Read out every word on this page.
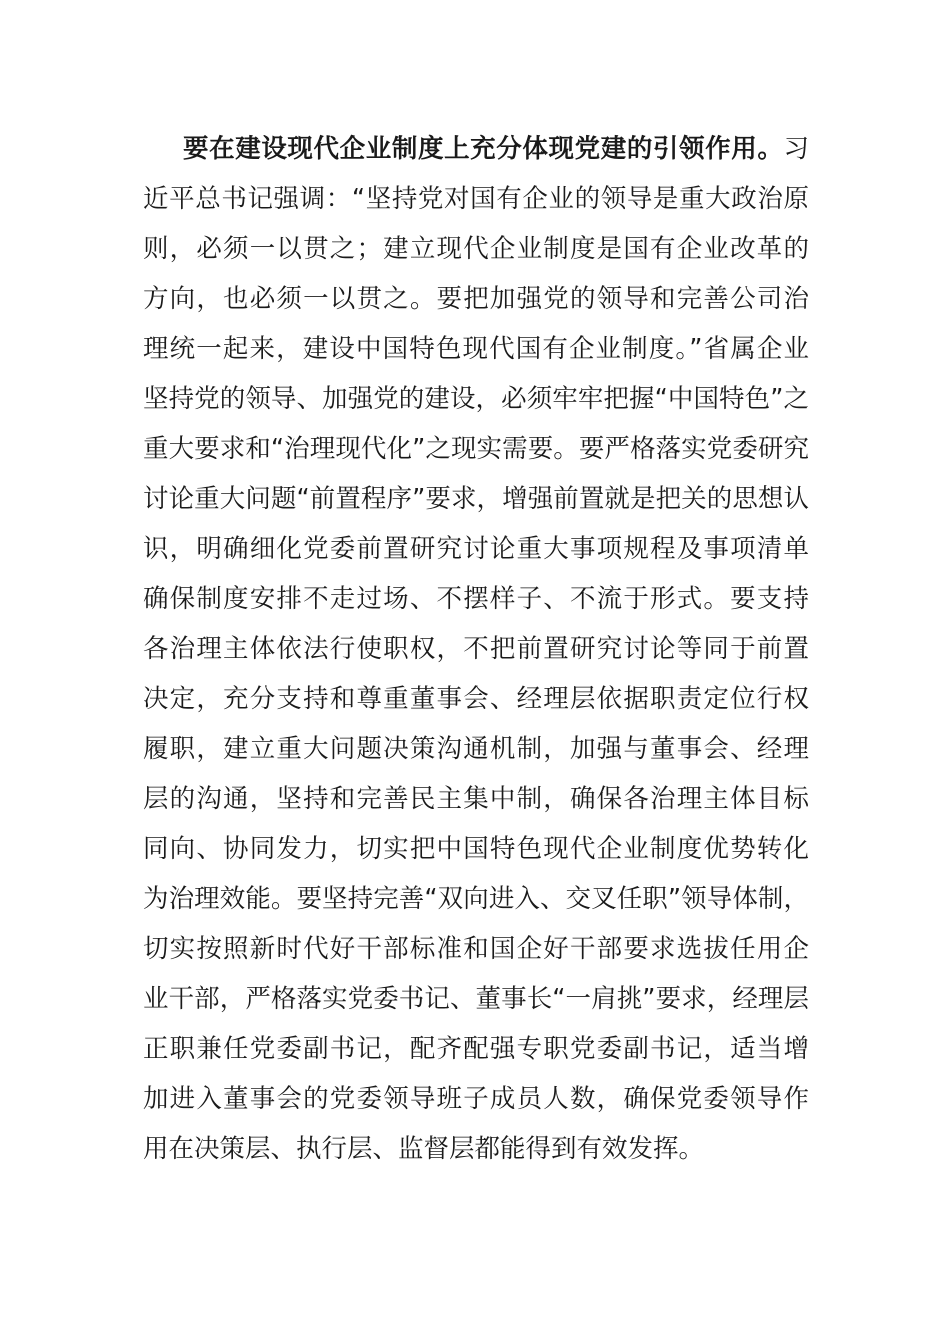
要在建设现代企业制度上充分体现党建的引领作用。习
近平总书记强调：“坚持党对国有企业的领导是重大政治原
则，必须一以贯之；建立现代企业制度是国有企业改革的
方向，也必须一以贯之。要把加强党的领导和完善公司治
理统一起来，建设中国特色现代国有企业制度。”省属企业
坚持党的领导、加强党的建设，必须牢牢把握“中国特色”之
重大要求和“治理现代化”之现实需要。要严格落实党委研究
讨论重大问题“前置程序”要求，增强前置就是把关的思想认
识，明确细化党委前置研究讨论重大事项规程及事项清单
确保制度安排不走过场、不摆样子、不流于形式。要支持
各治理主体依法行使职权，不把前置研究讨论等同于前置
决定，充分支持和尊重董事会、经理层依据职责定位行权
履职，建立重大问题决策沟通机制，加强与董事会、经理
层的沟通，坚持和完善民主集中制，确保各治理主体目标
同向、协同发力，切实把中国特色现代企业制度优势转化
为治理效能。要坚持完善“双向进入、交叉任职”领导体制，
切实按照新时代好干部标准和国企好干部要求选拔任用企
业干部，严格落实党委书记、董事长“一肩挑”要求，经理层
正职兼任党委副书记，配齐配强专职党委副书记，适当增
加进入董事会的党委领导班子成员人数，确保党委领导作
用在决策层、执行层、监督层都能得到有效发挥。
